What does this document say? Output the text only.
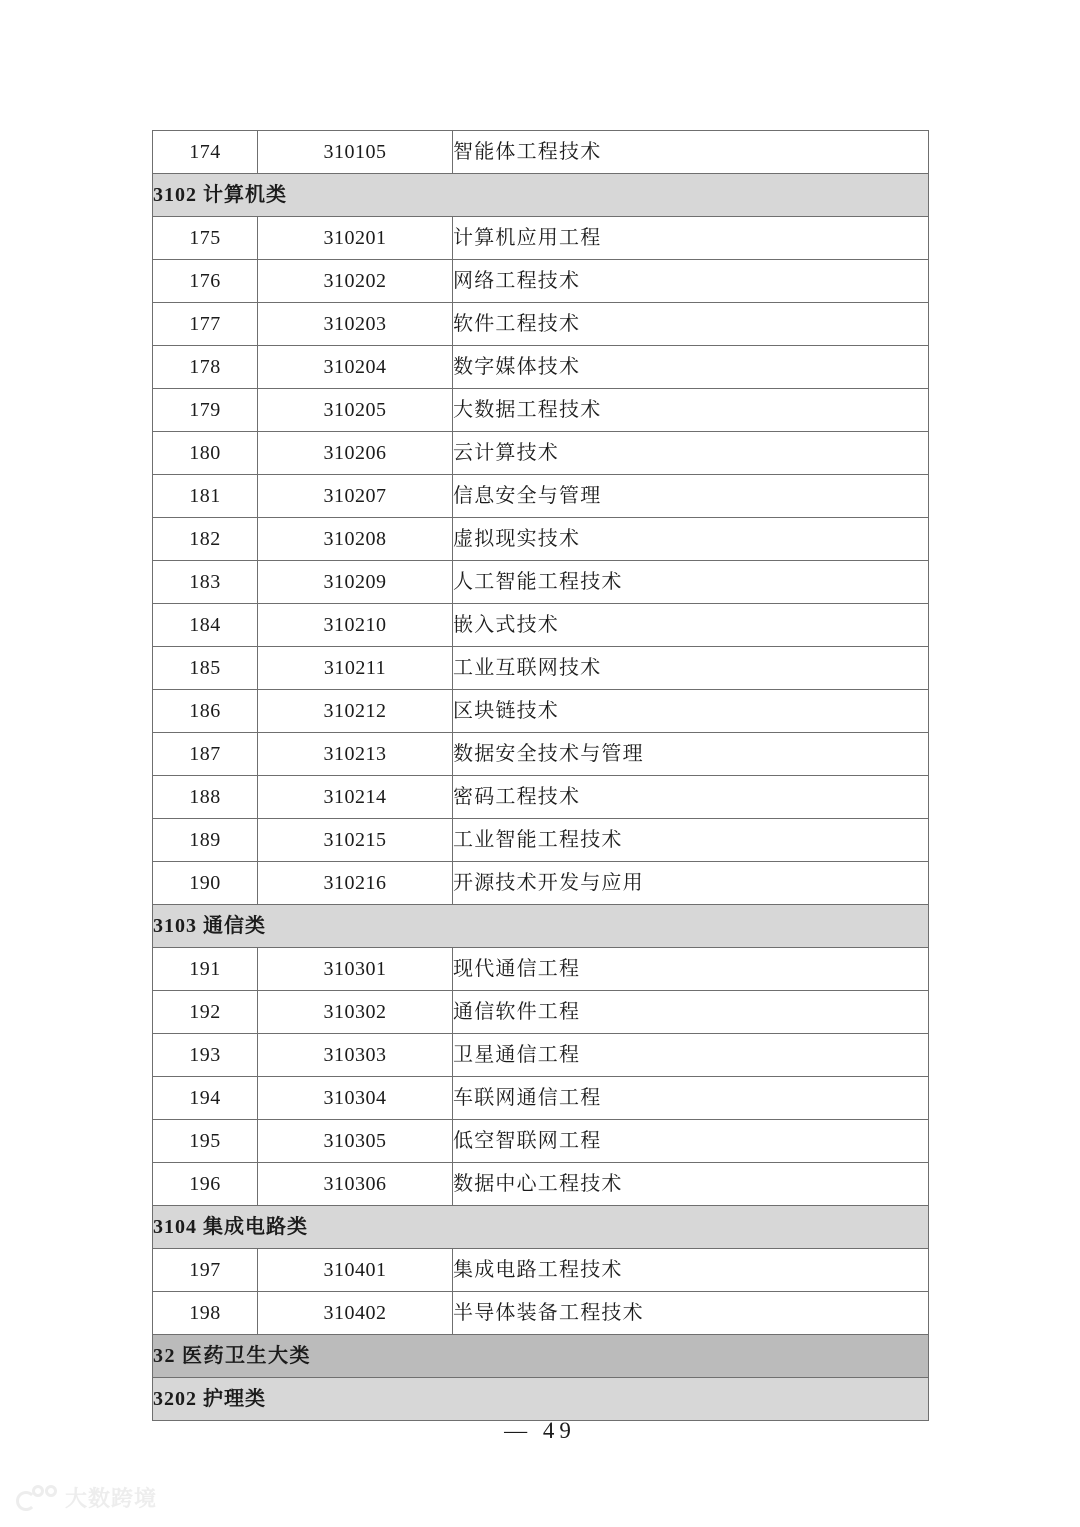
174	310105	智能体工程技术
3102 计算机类		
175	310201	计算机应用工程
176	310202	网络工程技术
177	310203	软件工程技术
178	310204	数字媒体技术
179	310205	大数据工程技术
180	310206	云计算技术
181	310207	信息安全与管理
182	310208	虚拟现实技术
183	310209	人工智能工程技术
184	310210	嵌入式技术
185	310211	工业互联网技术
186	310212	区块链技术
187	310213	数据安全技术与管理
188	310214	密码工程技术
189	310215	工业智能工程技术
190	310216	开源技术开发与应用
3103 通信类		
191	310301	现代通信工程
192	310302	通信软件工程
193	310303	卫星通信工程
194	310304	车联网通信工程
195	310305	低空智联网工程
196	310306	数据中心工程技术
3104 集成电路类		
197	310401	集成电路工程技术
198	310402	半导体装备工程技术
32 医药卫生大类		
3202 护理类		
— 49
大数跨境
